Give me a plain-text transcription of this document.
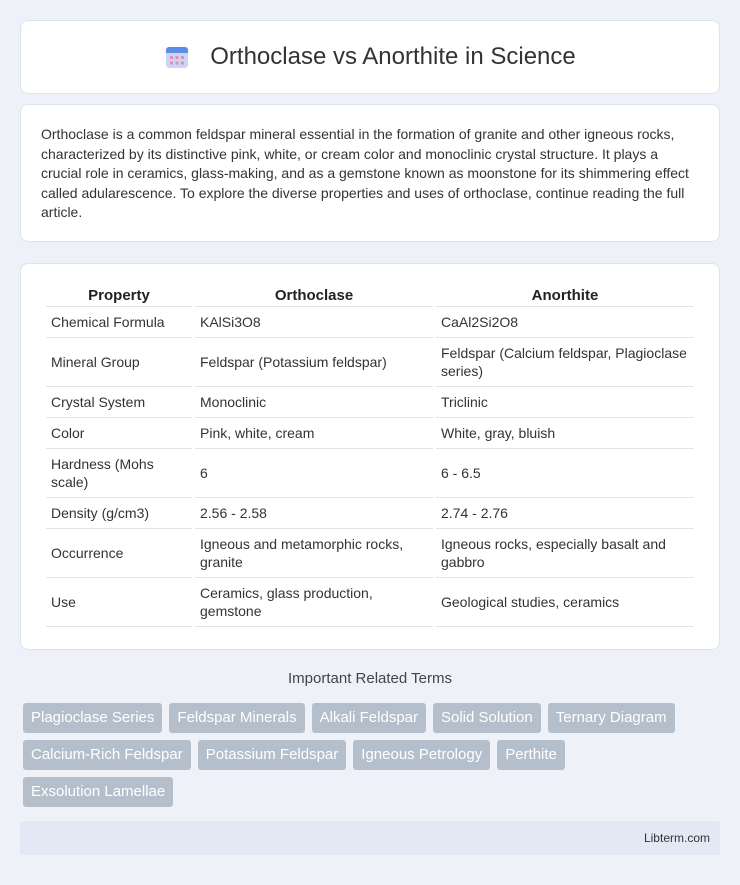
Orthoclase vs Anorthite in Science

Orthoclase is a common feldspar mineral essential in the formation of granite and other igneous rocks, characterized by its distinctive pink, white, or cream color and monoclinic crystal structure. It plays a crucial role in ceramics, glass-making, and as a gemstone known as moonstone for its shimmering effect called adularescence. To explore the diverse properties and uses of orthoclase, continue reading the full article.

Property	Orthoclase	Anorthite
Chemical Formula	KAlSi3O8	CaAl2Si2O8
Mineral Group	Feldspar (Potassium feldspar)	Feldspar (Calcium feldspar, Plagioclase series)
Crystal System	Monoclinic	Triclinic
Color	Pink, white, cream	White, gray, bluish
Hardness (Mohs scale)	6	6 - 6.5
Density (g/cm3)	2.56 - 2.58	2.74 - 2.76
Occurrence	Igneous and metamorphic rocks, granite	Igneous rocks, especially basalt and gabbro
Use	Ceramics, glass production, gemstone	Geological studies, ceramics
Important Related Terms
Plagioclase Series	Feldspar Minerals	Alkali Feldspar	Solid Solution	Ternary Diagram
Calcium-Rich Feldspar	Potassium Feldspar	Igneous Petrology	Perthite
Exsolution Lamellae
Libterm.com
